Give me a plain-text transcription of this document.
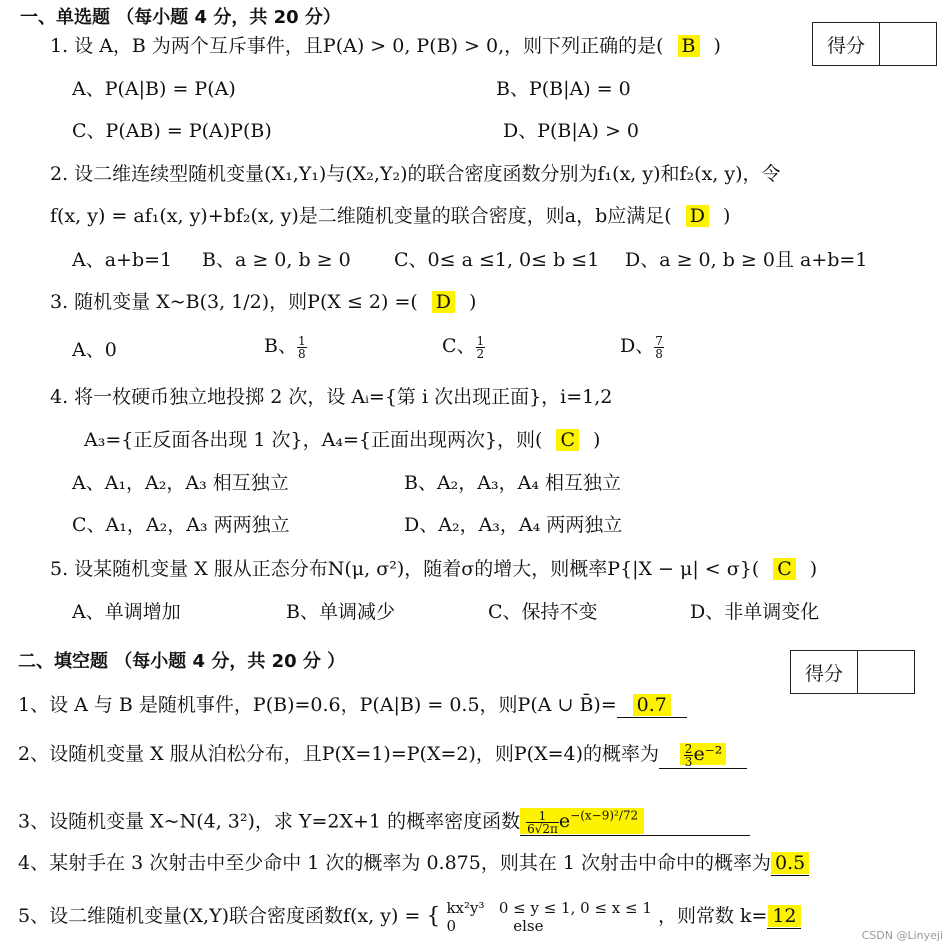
一、单选题 （每小题 4 分，共 20 分）
得分
1. 设 A，B 为两个互斥事件，且P(A) > 0, P(B) > 0,，则下列正确的是( B )
A、P(A|B) = P(A)	B、P(B|A) = 0
C、P(AB) = P(A)P(B)	D、P(B|A) > 0
2. 设二维连续型随机变量(X₁,Y₁)与(X₂,Y₂)的联合密度函数分别为f₁(x, y)和f₂(x, y)，令
f(x, y) = af₁(x, y)+bf₂(x, y)是二维随机变量的联合密度，则a，b应满足( D )
A、a+b=1 B、a ≥ 0, b ≥ 0 C、0≤ a ≤1, 0≤ b ≤1 D、a ≥ 0, b ≥ 0且 a+b=1
3. 随机变量 X~B(3, 1/2)，则P(X ≤ 2) =( D )
A、0	B、 $\frac{1}{8}$	C、 $\frac{1}{2}$	D、 $\frac{7}{8}$
4. 将一枚硬币独立地投掷 2 次，设 Aᵢ={第 i 次出现正面}，i=1,2
A₃={正反面各出现 1 次}，A₄={正面出现两次}，则( C )
A、A₁，A₂，A₃ 相互独立	B、A₂，A₃，A₄ 相互独立
C、A₁，A₂，A₃ 两两独立	D、A₂，A₃，A₄ 两两独立
5. 设某随机变量 X 服从正态分布N(μ, σ²)，随着σ的增大，则概率P{|X − μ| < σ}( C )
A、单调增加	B、单调减少	C、保持不变	D、非单调变化
二、填空题 （每小题 4 分，共 20 分 ）
得分
1、设 A 与 B 是随机事件，P(B)=0.6，P(A|B) = 0.5，则P(A ∪ B̄)= 0.7
2、设随机变量 X 服从泊松分布，且P(X=1)=P(X=2)，则P(X=4)的概率为 $\frac{2}{3} e^{-2}$
3、设随机变量 X~N(4, 3²)，求 Y=2X+1 的概率密度函数 $\frac{1}{6√2\pi} e^{-(x-9)^2/72}$
4、某射手在 3 次射击中至少命中 1 次的概率为 0.875，则其在 1 次射击中命中的概率为 0.5
5、设二维随机变量(X,Y)联合密度函数f(x, y) = { kx²y³   0 ≤ y ≤ 1, 0 ≤ x ≤ 1
0            else	，则常数 k= 12
CSDN @Linyeji
